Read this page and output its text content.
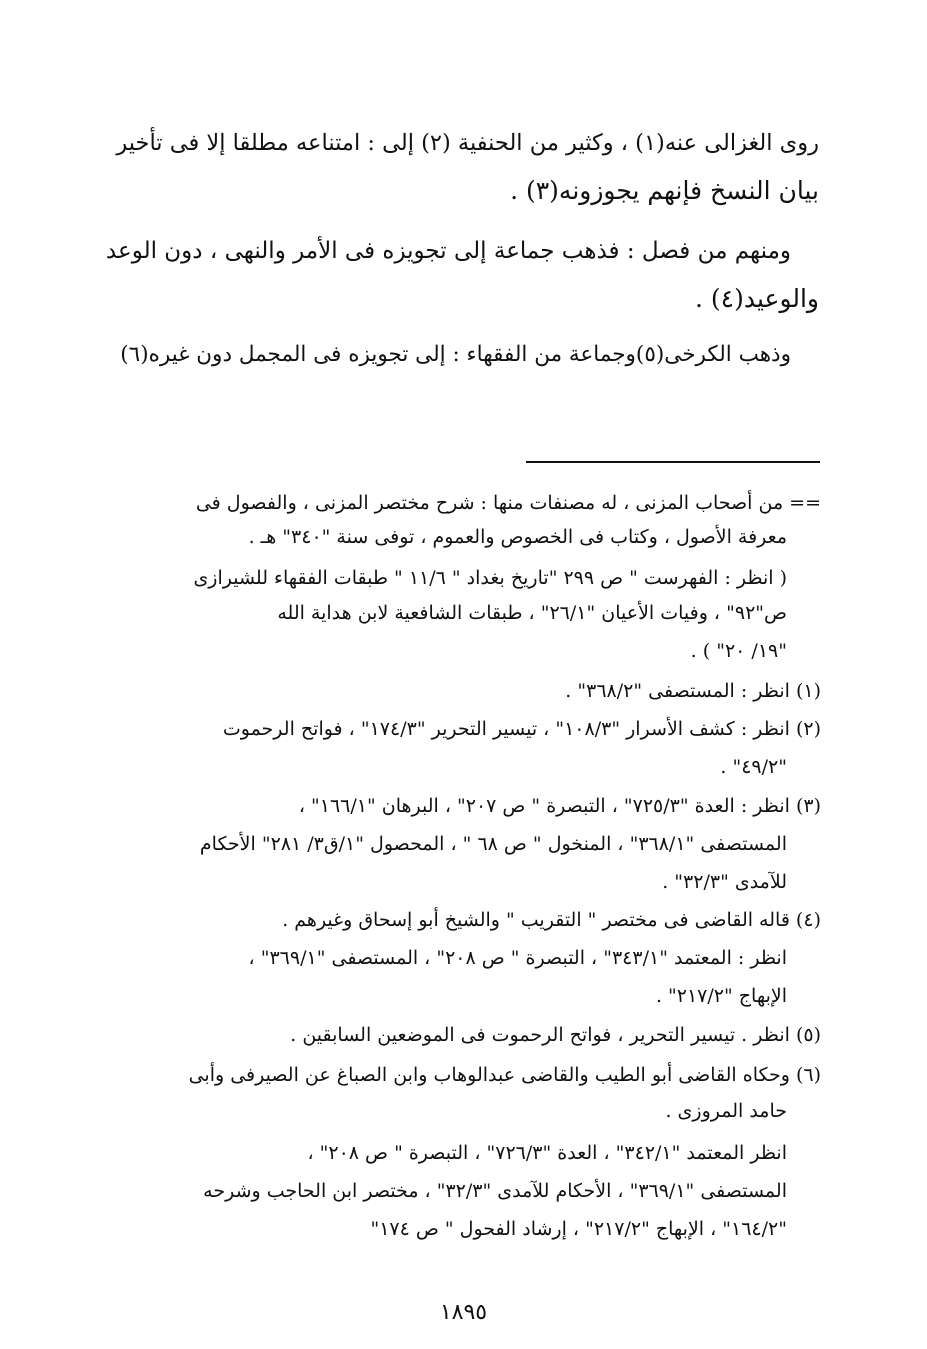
روى الغزالى عنه(١) ، وكثير من الحنفية (٢) إلى : امتناعه مطلقا إلا فى تأخير
بيان النسخ فإنهم يجوزونه(٣) .
ومنهم من فصل : فذهب جماعة إلى تجويزه فى الأمر والنهى ، دون الوعد
والوعيد(٤) .
وذهب الكرخى(٥)وجماعة من الفقهاء : إلى تجويزه فى المجمل دون غيره(٦)
== من أصحاب المزنى ، له مصنفات منها : شرح مختصر المزنى ، والفصول فى
معرفة الأصول ، وكتاب فى الخصوص والعموم ، توفى سنة "٣٤٠" هـ .
( انظر : الفهرست " ص ٢٩٩ "تاريخ بغداد " ١١/٦ " طبقات الفقهاء للشيرازى
ص"٩٢" ، وفيات الأعيان "٢٦/١" ، طبقات الشافعية لابن هداية الله
"١٩/ ٢٠" ) .
(١) انظر : المستصفى "٣٦٨/٢" .
(٢) انظر : كشف الأسرار "١٠٨/٣" ، تيسير التحرير "١٧٤/٣" ، فواتح الرحموت
"٤٩/٢" .
(٣) انظر : العدة "٧٢٥/٣" ، التبصرة " ص ٢٠٧" ، البرهان "١٦٦/١" ،
المستصفى "٣٦٨/١" ، المنخول " ص ٦٨ " ، المحصول "١/ق٣/ ٢٨١" الأحكام
للآمدى "٣٢/٣" .
(٤) قاله القاضى فى مختصر " التقريب " والشيخ أبو إسحاق وغيرهم .
انظر : المعتمد "٣٤٣/١" ، التبصرة " ص ٢٠٨" ، المستصفى "٣٦٩/١" ،
الإبهاج "٢١٧/٢" .
(٥) انظر . تيسير التحرير ، فواتح الرحموت فى الموضعين السابقين .
(٦) وحكاه القاضى أبو الطيب والقاضى عبدالوهاب وابن الصباغ عن الصيرفى وأبى
حامد المروزى .
انظر المعتمد "٣٤٢/١" ، العدة "٧٢٦/٣" ، التبصرة " ص ٢٠٨" ،
المستصفى "٣٦٩/١" ، الأحكام للآمدى "٣٢/٣" ، مختصر ابن الحاجب وشرحه
"١٦٤/٢" ، الإبهاج "٢١٧/٢" ، إرشاد الفحول " ص ١٧٤"
١٨٩٥
